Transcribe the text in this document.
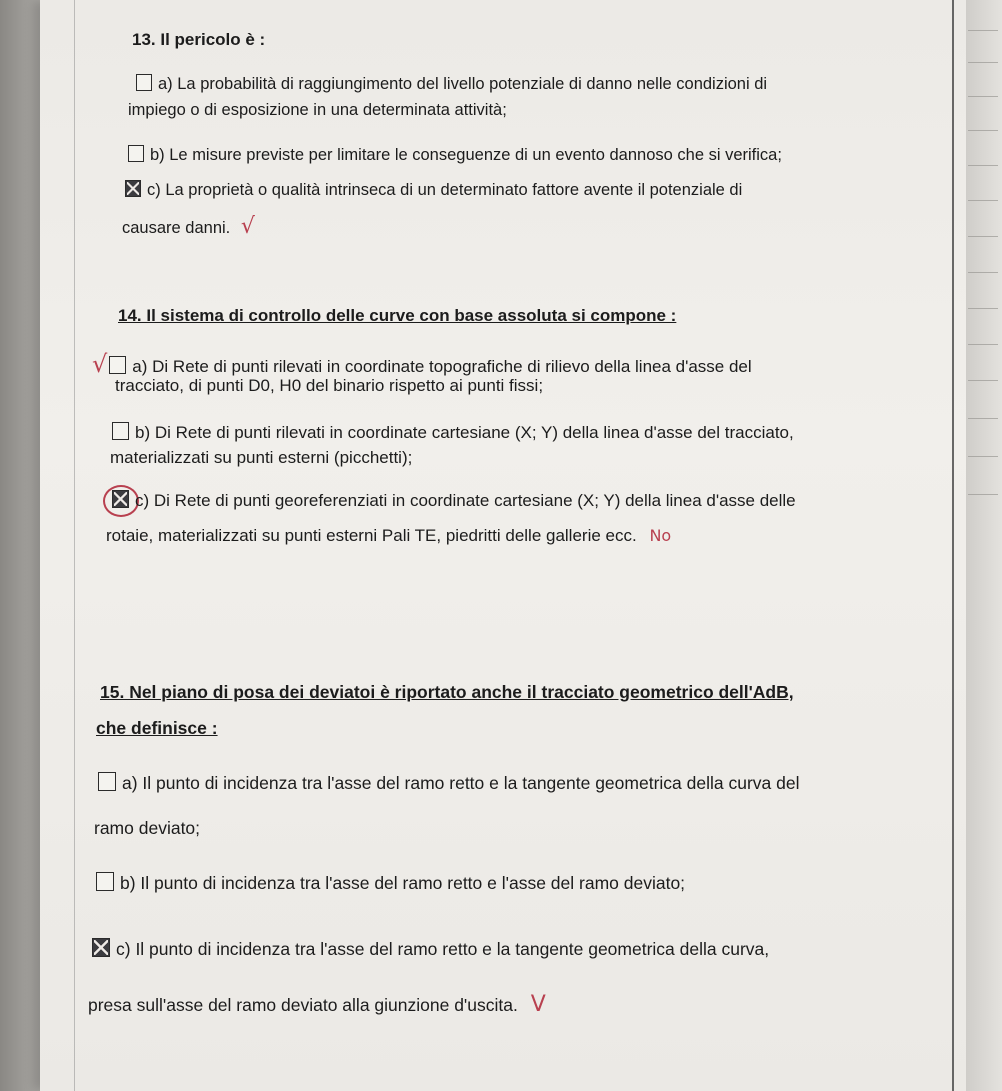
13. Il pericolo è :
a) La probabilità di raggiungimento del livello potenziale di danno nelle condizioni di
impiego o di esposizione in una determinata attività;
b) Le misure previste per limitare le conseguenze di un evento dannoso che si verifica;
c) La proprietà o qualità intrinseca di un determinato fattore avente il potenziale di
causare danni. √
14. Il sistema di controllo delle curve con base assoluta si compone :
√ a) Di Rete di punti rilevati in coordinate topografiche di rilievo della linea d'asse del
tracciato, di punti D0, H0 del binario rispetto ai punti fissi;
b) Di Rete di punti rilevati in coordinate cartesiane (X; Y) della linea d'asse del tracciato,
materializzati su punti esterni (picchetti);
c) Di Rete di punti georeferenziati in coordinate cartesiane (X; Y) della linea d'asse delle
rotaie, materializzati su punti esterni Pali TE, piedritti delle gallerie ecc. No
15. Nel piano di posa dei deviatoi è riportato anche il tracciato geometrico dell'AdB,
che definisce :
a) Il punto di incidenza tra l'asse del ramo retto e la tangente geometrica della curva del
ramo deviato;
b) Il punto di incidenza tra l'asse del ramo retto e l'asse del ramo deviato;
c) Il punto di incidenza tra l'asse del ramo retto e la tangente geometrica della curva,
presa sull'asse del ramo deviato alla giunzione d'uscita. V
